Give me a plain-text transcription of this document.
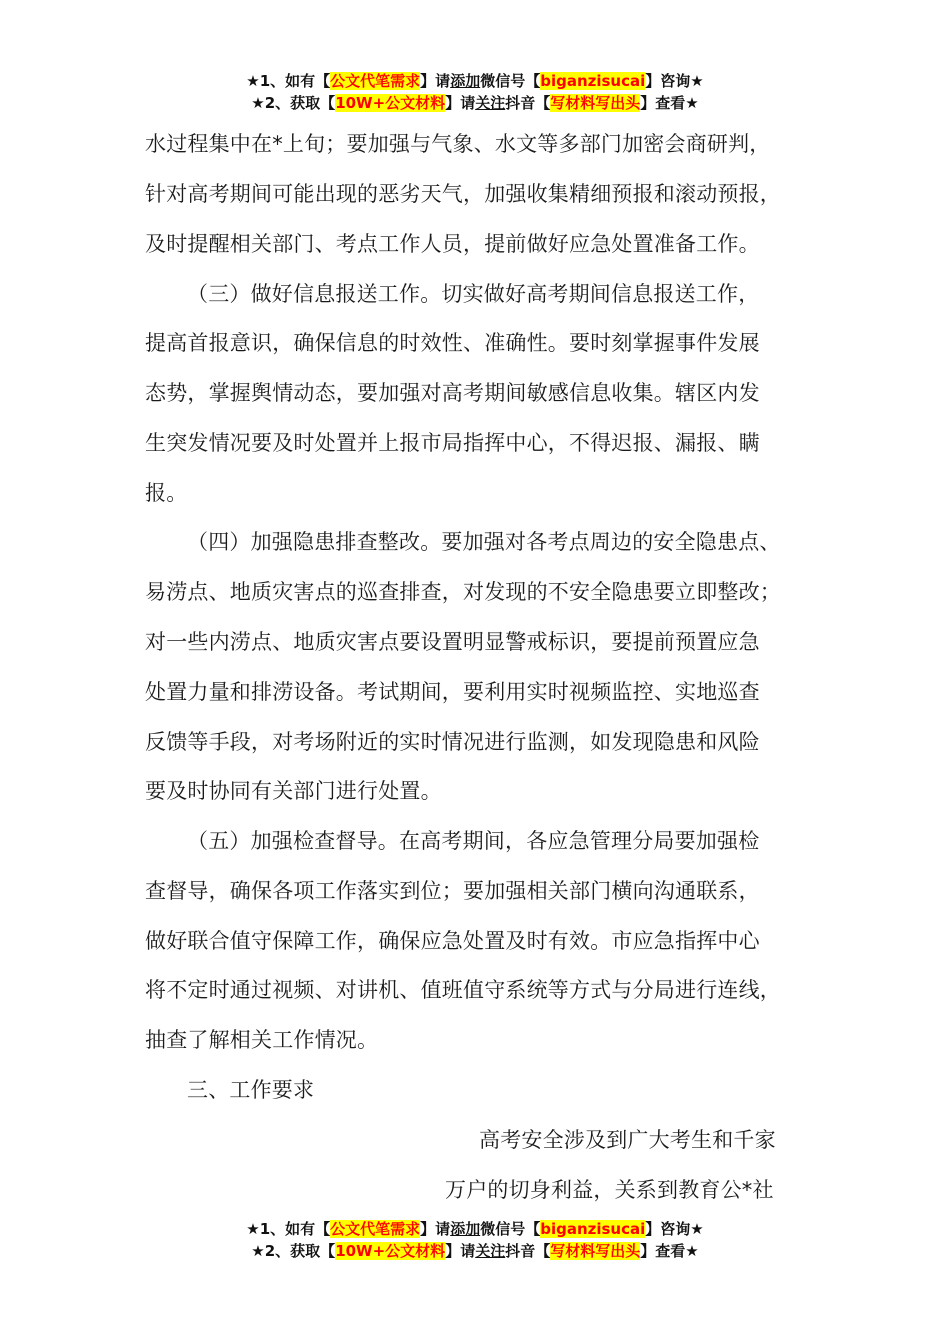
★1、如有【公文代笔需求】请添加微信号【biganzisucai】咨询★
★2、获取【10W+公文材料】请关注抖音【写材料写出头】查看★
水过程集中在*上旬；要加强与气象、水文等多部门加密会商研判，
针对高考期间可能出现的恶劣天气，加强收集精细预报和滚动预报，
及时提醒相关部门、考点工作人员，提前做好应急处置准备工作。
（三）做好信息报送工作。切实做好高考期间信息报送工作，
提高首报意识，确保信息的时效性、准确性。要时刻掌握事件发展
态势，掌握舆情动态，要加强对高考期间敏感信息收集。辖区内发
生突发情况要及时处置并上报市局指挥中心，不得迟报、漏报、瞒
报。
（四）加强隐患排查整改。要加强对各考点周边的安全隐患点、
易涝点、地质灾害点的巡查排查，对发现的不安全隐患要立即整改；
对一些内涝点、地质灾害点要设置明显警戒标识，要提前预置应急
处置力量和排涝设备。考试期间，要利用实时视频监控、实地巡查
反馈等手段，对考场附近的实时情况进行监测，如发现隐患和风险
要及时协同有关部门进行处置。
（五）加强检查督导。在高考期间，各应急管理分局要加强检
查督导，确保各项工作落实到位；要加强相关部门横向沟通联系，
做好联合值守保障工作，确保应急处置及时有效。市应急指挥中心
将不定时通过视频、对讲机、值班值守系统等方式与分局进行连线，
抽查了解相关工作情况。
三、工作要求
高考安全涉及到广大考生和千家
万户的切身利益，关系到教育公*社
★1、如有【公文代笔需求】请添加微信号【biganzisucai】咨询★
★2、获取【10W+公文材料】请关注抖音【写材料写出头】查看★
